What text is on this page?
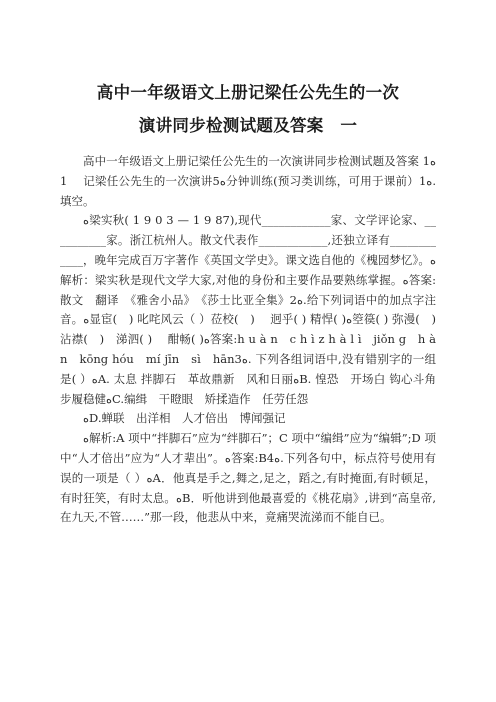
高中一年级语文上册记梁任公先生的一次
演讲同步检测试题及答案　一

高中一年级语文上册记梁任公先生的一次演讲同步检测试题及答案 1ﻩ1　 记梁任公先生的一次演讲5ﻩ分钟训练(预习类训练，可用于课前）1ﻩ.填空。

ﻩ梁实秋( 1 9 0 3 — 1 9 87),现代____________家、文学评论家、__________家。浙江杭州人。散文代表作____________,还独立译有____________，晚年完成百万字著作《英国文学史》。课文选自他的《槐园梦忆》。ﻩ解析：梁实秋是现代文学大家,对他的身份和主要作品要熟练掌握。ﻩ答案:散文　翻译　《雅舍小品》　《莎士比亚全集》2ﻩ.给下列词语中的加点字注音。ﻩ显宦(　) 叱咤风云（ ）莅校(　)　 迥乎( ) 精悍( )ﻩ箜篌( ) 弥漫(　) 沾襟(　)　涕泗( )　 酣畅( )ﻩ答案:h u à n　c h ì z h à l ì　jiǒn g　h à n　kōng hóu　mí jīn　sì　hān3ﻩ. 下列各组词语中,没有错别字的一组是( ）ﻩA. 太息 拌脚石　革故鼎新　风和日丽ﻩB. 惶恐　开场白 钩心斗角　步履稳健ﻩC.编缉　干瞪眼　矫揉造作　任劳任怨

ﻩD.蝉联　出洋相　人才倍出　博闻强记

ﻩ解析:A 项中“拌脚石”应为“绊脚石”；C 项中“编缉”应为“编辑”;D 项中“人才倍出”应为“人才辈出”。ﻩ答案:B4ﻩ.下列各句中，标点符号使用有误的一项是（ ）ﻩA．他真是手之,舞之,足之，蹈之,有时掩面,有时顿足，有时狂笑，有时太息。ﻩB．听他讲到他最喜爱的《桃花扇》,讲到“高皇帝,在九天,不管……”那一段，他悲从中来，竟痛哭流涕而不能自已。
